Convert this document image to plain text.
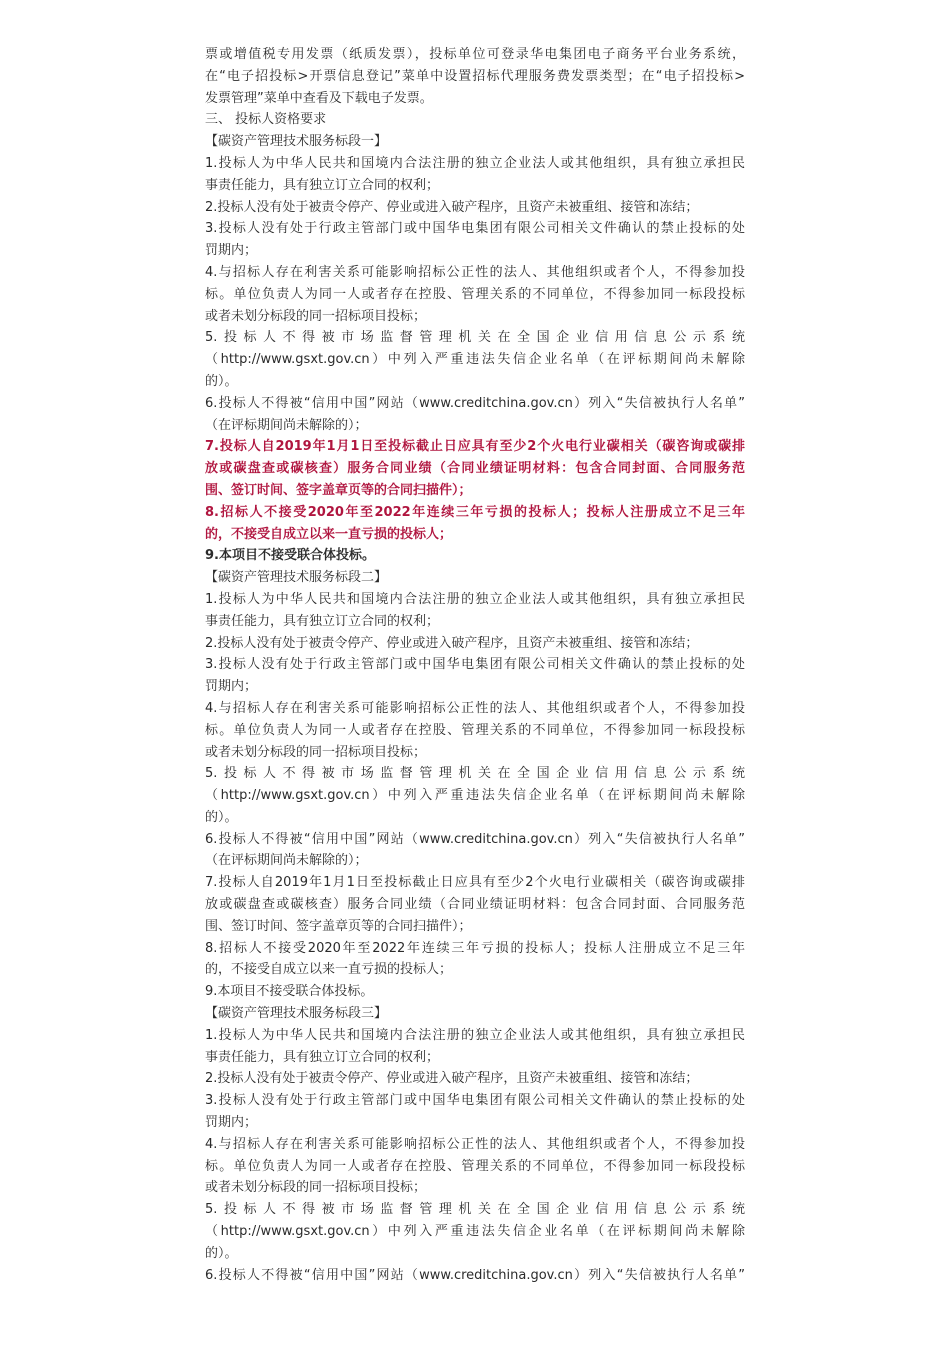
票或增值税专用发票（纸质发票），投标单位可登录华电集团电子商务平台业务系统，

在“电子招投标>开票信息登记”菜单中设置招标代理服务费发票类型；在“电子招投标>

发票管理”菜单中查看及下载电子发票。

三、 投标人资格要求

【碳资产管理技术服务标段一】

1.投标人为中华人民共和国境内合法注册的独立企业法人或其他组织，具有独立承担民

事责任能力，具有独立订立合同的权利；

2.投标人没有处于被责令停产、停业或进入破产程序，且资产未被重组、接管和冻结；

3.投标人没有处于行政主管部门或中国华电集团有限公司相关文件确认的禁止投标的处

罚期内；

4.与招标人存在利害关系可能影响招标公正性的法人、其他组织或者个人，不得参加投

标。单位负责人为同一人或者存在控股、管理关系的不同单位，不得参加同一标段投标

或者未划分标段的同一招标项目投标；

5.投标人不得被市场监督管理机关在全国企业信用信息公示系统

（http://www.gsxt.gov.cn）中列入严重违法失信企业名单（在评标期间尚未解除

的）。

6.投标人不得被“信用中国”网站（www.creditchina.gov.cn）列入“失信被执行人名单”

（在评标期间尚未解除的）；

7.投标人自2019年1月1日至投标截止日应具有至少2个火电行业碳相关（碳咨询或碳排

放或碳盘查或碳核查）服务合同业绩（合同业绩证明材料：包含合同封面、合同服务范

围、签订时间、签字盖章页等的合同扫描件）；

8.招标人不接受2020年至2022年连续三年亏损的投标人；投标人注册成立不足三年

的，不接受自成立以来一直亏损的投标人；

9.本项目不接受联合体投标。

【碳资产管理技术服务标段二】

1.投标人为中华人民共和国境内合法注册的独立企业法人或其他组织，具有独立承担民

事责任能力，具有独立订立合同的权利；

2.投标人没有处于被责令停产、停业或进入破产程序，且资产未被重组、接管和冻结；

3.投标人没有处于行政主管部门或中国华电集团有限公司相关文件确认的禁止投标的处

罚期内；

4.与招标人存在利害关系可能影响招标公正性的法人、其他组织或者个人，不得参加投

标。单位负责人为同一人或者存在控股、管理关系的不同单位，不得参加同一标段投标

或者未划分标段的同一招标项目投标；

5.投标人不得被市场监督管理机关在全国企业信用信息公示系统

（http://www.gsxt.gov.cn）中列入严重违法失信企业名单（在评标期间尚未解除

的）。

6.投标人不得被“信用中国”网站（www.creditchina.gov.cn）列入“失信被执行人名单”

（在评标期间尚未解除的）；

7.投标人自2019年1月1日至投标截止日应具有至少2个火电行业碳相关（碳咨询或碳排

放或碳盘查或碳核查）服务合同业绩（合同业绩证明材料：包含合同封面、合同服务范

围、签订时间、签字盖章页等的合同扫描件）；

8.招标人不接受2020年至2022年连续三年亏损的投标人；投标人注册成立不足三年

的，不接受自成立以来一直亏损的投标人；

9.本项目不接受联合体投标。

【碳资产管理技术服务标段三】

1.投标人为中华人民共和国境内合法注册的独立企业法人或其他组织，具有独立承担民

事责任能力，具有独立订立合同的权利；

2.投标人没有处于被责令停产、停业或进入破产程序，且资产未被重组、接管和冻结；

3.投标人没有处于行政主管部门或中国华电集团有限公司相关文件确认的禁止投标的处

罚期内；

4.与招标人存在利害关系可能影响招标公正性的法人、其他组织或者个人，不得参加投

标。单位负责人为同一人或者存在控股、管理关系的不同单位，不得参加同一标段投标

或者未划分标段的同一招标项目投标；

5.投标人不得被市场监督管理机关在全国企业信用信息公示系统

（http://www.gsxt.gov.cn）中列入严重违法失信企业名单（在评标期间尚未解除

的）。

6.投标人不得被“信用中国”网站（www.creditchina.gov.cn）列入“失信被执行人名单”
